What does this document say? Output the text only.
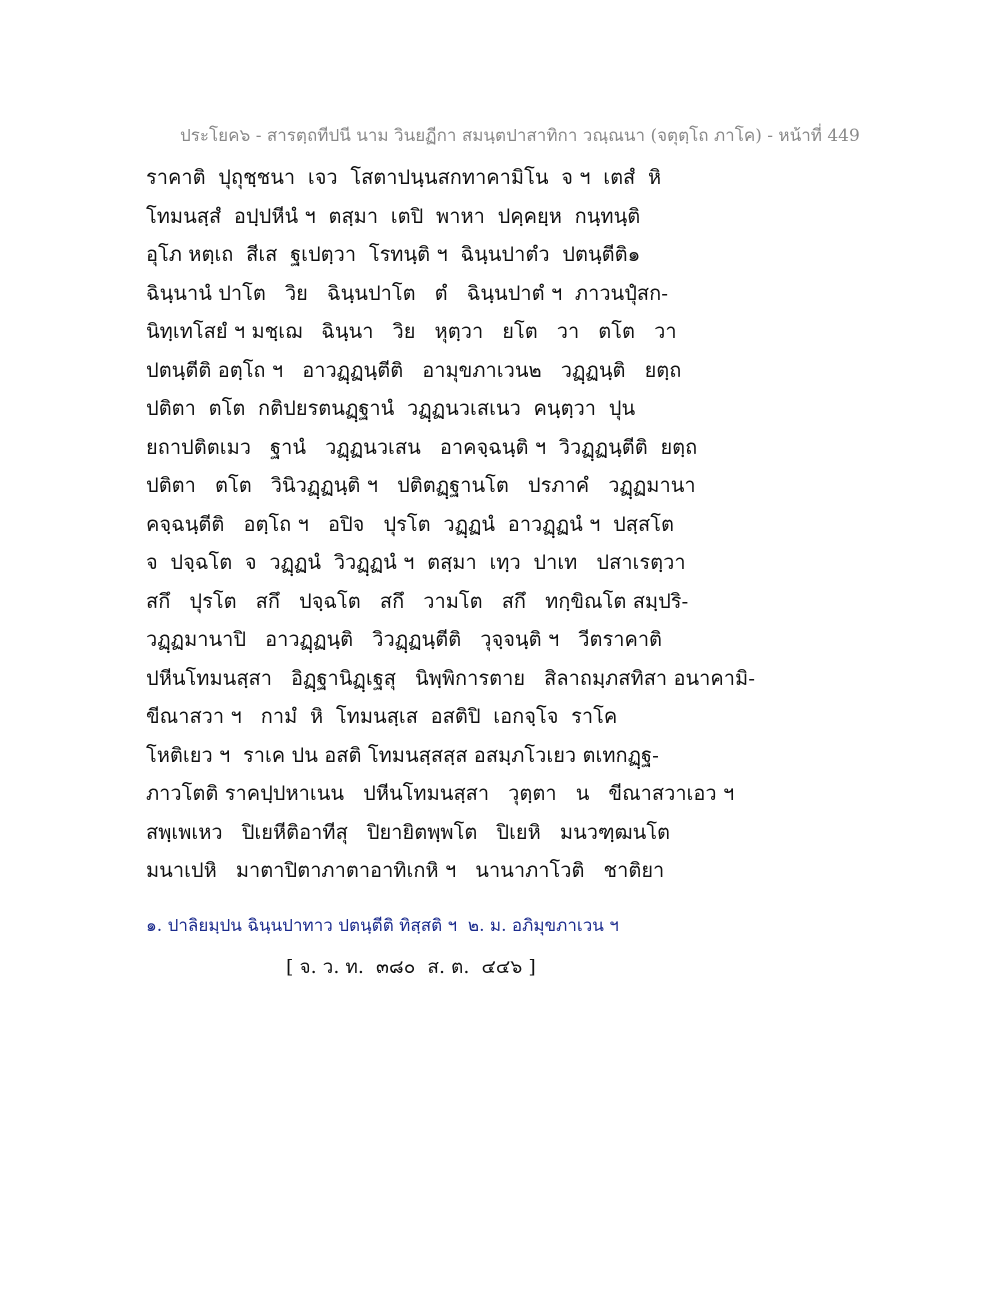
ประโยค๖ - สารตฺถทีปนี นาม วินยฏีกา สมนฺตปาสาทิกา วณฺณนา (จตุตฺโถ ภาโค) - หน้าที่ 449
ราคาติ  ปุถุชฺชนา  เจว  โสตาปนฺนสกทาคามิโน  จ ฯ  เตสํ  หิ
โทมนสฺสํ  อปฺปหีนํ ฯ  ตสฺมา  เตปิ  พาหา  ปคฺคยฺห  กนฺทนฺติ
อุโภ หตฺเถ  สีเส  ฐเปตฺวา  โรทนฺติ ฯ  ฉินฺนปาตํว  ปตนฺตีติ๑
ฉินฺนานํ ปาโต   วิย   ฉินฺนปาโต   ตํ   ฉินฺนปาตํ ฯ  ภาวนปุํสก-
นิทฺเทโสยํ ฯ มชฺเฌ   ฉินฺนา   วิย   หุตฺวา   ยโต   วา   ตโต   วา
ปตนฺตีติ อตฺโถ ฯ   อาวฏฺฏนฺตีติ   อามุขภาเวน๒   วฏฺฏนฺติ   ยตฺถ
ปติตา  ตโต  กติปยรตนฏฺฐานํ  วฏฺฏนวเสเนว  คนฺตฺวา  ปุน
ยถาปติตเมว   ฐานํ   วฏฺฏนวเสน   อาคจฺฉนฺติ ฯ  วิวฏฺฏนฺตีติ  ยตฺถ
ปติตา   ตโต   วินิวฏฺฏนฺติ ฯ   ปติตฏฺฐานโต   ปรภาคํ   วฏฺฏมานา
คจฺฉนฺตีติ   อตฺโถ ฯ   อปิจ   ปุรโต  วฏฺฏนํ  อาวฏฺฏนํ ฯ  ปสฺสโต
จ  ปจฺฉโต  จ  วฏฺฏนํ  วิวฏฺฏนํ ฯ  ตสฺมา  เทฺว  ปาเท   ปสาเรตฺวา
สกึ   ปุรโต   สกึ   ปจฺฉโต   สกึ   วามโต   สกึ   ทกฺขิณโต สมฺปริ-
วฏฺฏมานาปิ   อาวฏฺฏนฺติ   วิวฏฺฏนฺตีติ   วุจฺจนฺติ ฯ   วีตราคาติ
ปหีนโทมนสฺสา   อิฏฺฐานิฏฺเฐสุ   นิพฺพิการตาย   สิลาถมฺภสทิสา อนาคามิ-
ขีณาสวา ฯ   กามํ  หิ  โทมนสฺเส  อสติปิ  เอกจฺโจ  ราโค
โหติเยว ฯ  ราเค ปน อสติ โทมนสฺสสฺส อสมฺภโวเยว ตเทกฏฺฐ-
ภาวโตติ ราคปฺปหาเนน   ปหีนโทมนสฺสา   วุตฺตา   น   ขีณาสวาเอว ฯ
สพฺเพเหว   ปิเยหีติอาทีสุ   ปิยายิตพฺพโต   ปิเยหิ   มนวฑฺฒนโต
มนาเปหิ   มาตาปิตาภาตาอาทิเกหิ ฯ   นานาภาโวติ   ชาติยา
๑. ปาลิยมฺปน ฉินฺนปาทาว ปตนฺตีติ ทิสฺสติ ฯ  ๒. ม. อภิมุขภาเวน ฯ
[ จ. ว. ท.  ๓๘๐  ส. ต.  ๔๔๖ ]
